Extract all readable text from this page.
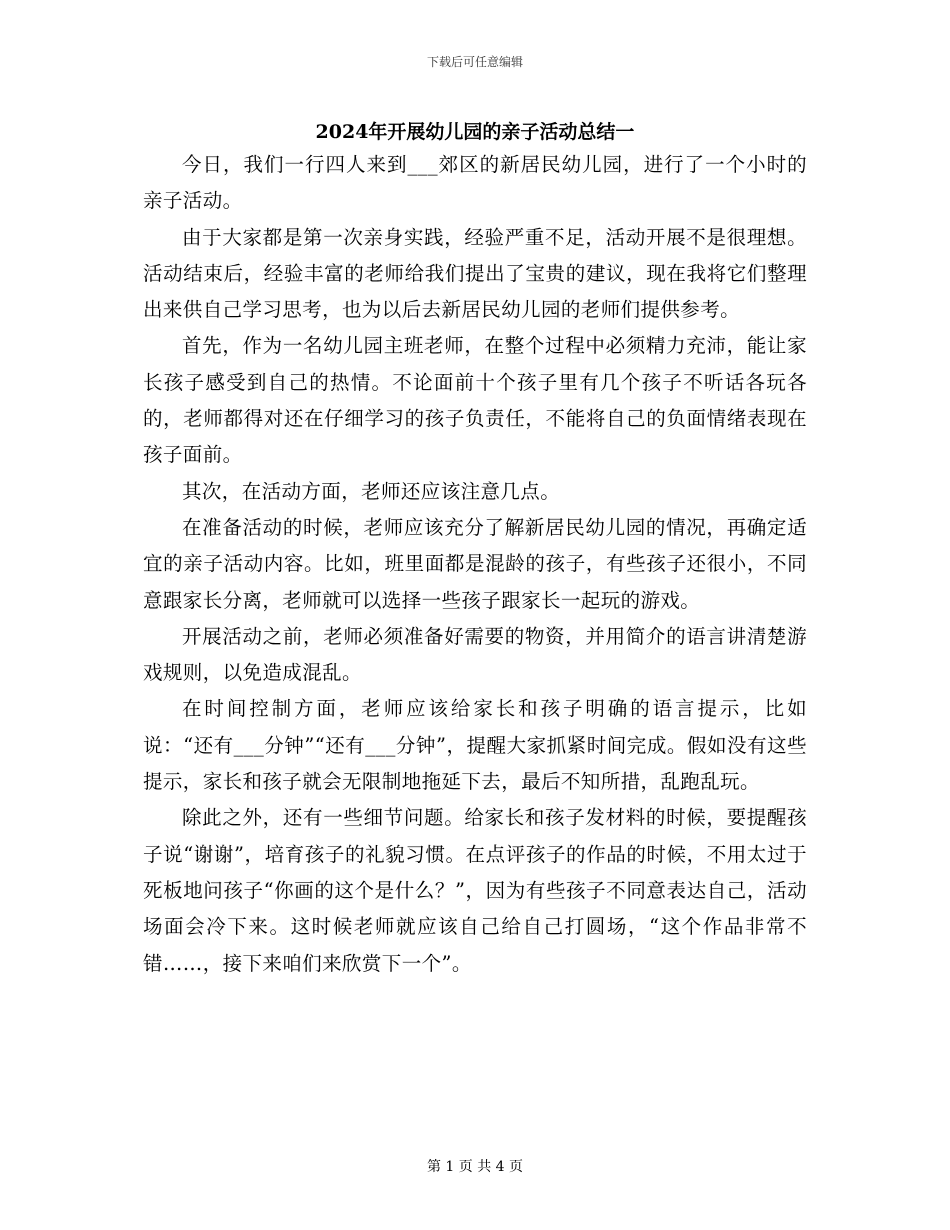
下载后可任意编辑
2024年开展幼儿园的亲子活动总结一

今日，我们一行四人来到___郊区的新居民幼儿园，进行了一个小时的亲子活动。

由于大家都是第一次亲身实践，经验严重不足，活动开展不是很理想。活动结束后，经验丰富的老师给我们提出了宝贵的建议，现在我将它们整理出来供自己学习思考，也为以后去新居民幼儿园的老师们提供参考。

首先，作为一名幼儿园主班老师，在整个过程中必须精力充沛，能让家长孩子感受到自己的热情。不论面前十个孩子里有几个孩子不听话各玩各的，老师都得对还在仔细学习的孩子负责任，不能将自己的负面情绪表现在孩子面前。

其次，在活动方面，老师还应该注意几点。

在准备活动的时候，老师应该充分了解新居民幼儿园的情况，再确定适宜的亲子活动内容。比如，班里面都是混龄的孩子，有些孩子还很小，不同意跟家长分离，老师就可以选择一些孩子跟家长一起玩的游戏。

开展活动之前，老师必须准备好需要的物资，并用简介的语言讲清楚游戏规则，以免造成混乱。

在时间控制方面，老师应该给家长和孩子明确的语言提示，比如说：“还有___分钟”“还有___分钟”，提醒大家抓紧时间完成。假如没有这些提示，家长和孩子就会无限制地拖延下去，最后不知所措，乱跑乱玩。

除此之外，还有一些细节问题。给家长和孩子发材料的时候，要提醒孩子说“谢谢”，培育孩子的礼貌习惯。在点评孩子的作品的时候，不用太过于死板地问孩子“你画的这个是什么？”，因为有些孩子不同意表达自己，活动场面会冷下来。这时候老师就应该自己给自己打圆场，“这个作品非常不错……，接下来咱们来欣赏下一个”。

第 1 页 共 4 页
